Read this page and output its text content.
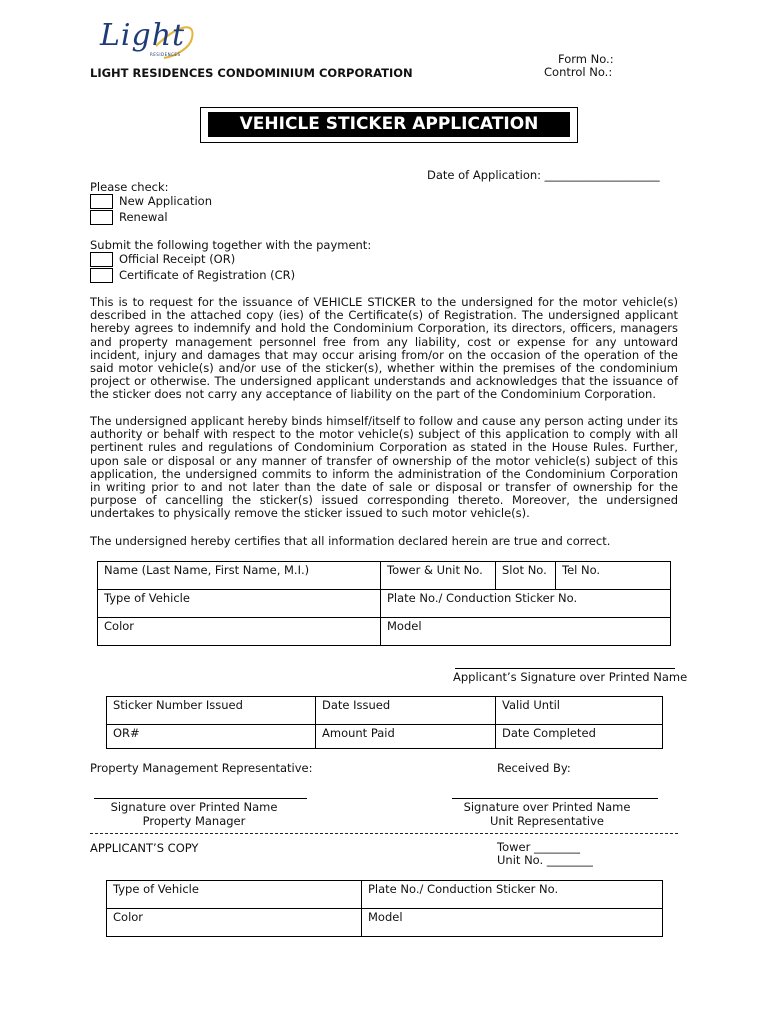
Light
RESIDENCES
LIGHT RESIDENCES CONDOMINIUM CORPORATION
Form No.:
Control No.:
VEHICLE STICKER APPLICATION
Date of Application: ____________________
Please check:
New Application
Renewal
Submit the following together with the payment:
Official Receipt (OR)
Certificate of Registration (CR)
This is to request for the issuance of VEHICLE STICKER to the undersigned for the motor vehicle(s) described in the attached copy (ies) of the Certificate(s) of Registration. The undersigned applicant hereby agrees to indemnify and hold the Condominium Corporation, its directors, officers, managers and property management personnel free from any liability, cost or expense for any untoward incident, injury and damages that may occur arising from/or on the occasion of the operation of the said motor vehicle(s) and/or use of the sticker(s), whether within the premises of the condominium project or otherwise. The undersigned applicant understands and acknowledges that the issuance of the sticker does not carry any acceptance of liability on the part of the Condominium Corporation.
The undersigned applicant hereby binds himself/itself to follow and cause any person acting under its authority or behalf with respect to the motor vehicle(s) subject of this application to comply with all pertinent rules and regulations of Condominium Corporation as stated in the House Rules. Further, upon sale or disposal or any manner of transfer of ownership of the motor vehicle(s) subject of this application, the undersigned commits to inform the administration of the Condominium Corporation in writing prior to and not later than the date of sale or disposal or transfer of ownership for the purpose of cancelling the sticker(s) issued corresponding thereto. Moreover, the undersigned undertakes to physically remove the sticker issued to such motor vehicle(s).
The undersigned hereby certifies that all information declared herein are true and correct.
Name (Last Name, First Name, M.I.)	Tower & Unit No.	Slot No.	Tel No.
Type of Vehicle	Plate No./ Conduction Sticker No.		
Color	Model		
Applicant’s Signature over Printed Name
Sticker Number Issued	Date Issued	Valid Until
OR#	Amount Paid	Date Completed
Property Management Representative:	Received By:
Signature over Printed Name
Property Manager
Signature over Printed Name
Unit Representative
APPLICANT’S COPY	Tower ________
Unit No. ________
Type of Vehicle	Plate No./ Conduction Sticker No.
Color	Model
